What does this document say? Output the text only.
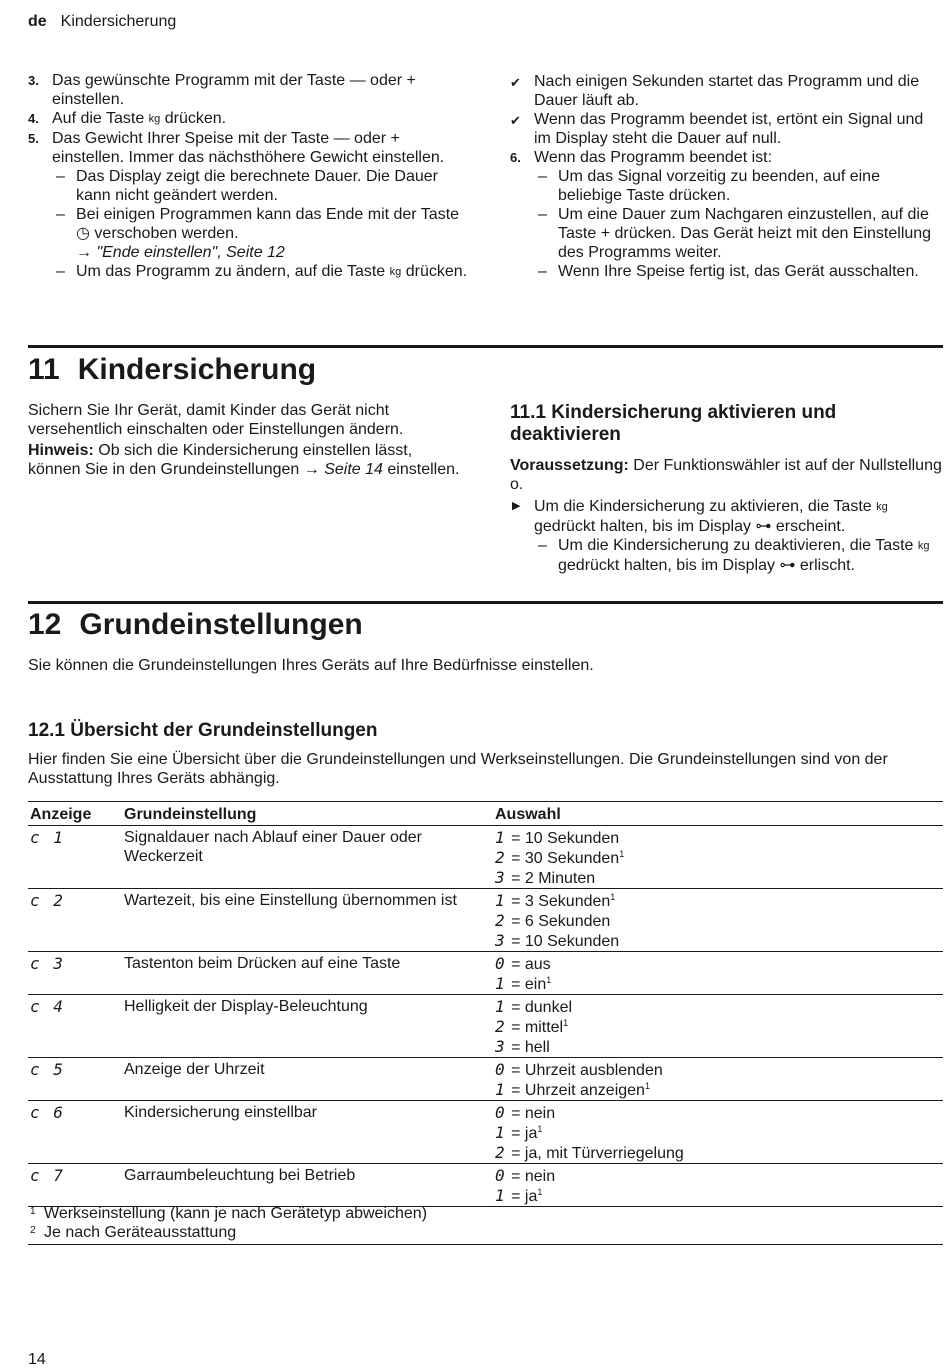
de Kindersicherung

3. Das gewünschte Programm mit der Taste — oder + einstellen.

4. Auf die Taste kg drücken.

5. Das Gewicht Ihrer Speise mit der Taste — oder + einstellen. Immer das nächsthöhere Gewicht einstellen.

– Das Display zeigt die berechnete Dauer. Die Dauer kann nicht geändert werden.

– Bei einigen Programmen kann das Ende mit der Taste ◷ verschoben werden.

→ "Ende einstellen", Seite 12

– Um das Programm zu ändern, auf die Taste kg drücken.

✔ Nach einigen Sekunden startet das Programm und die Dauer läuft ab.

✔ Wenn das Programm beendet ist, ertönt ein Signal und im Display steht die Dauer auf null.

6. Wenn das Programm beendet ist:

– Um das Signal vorzeitig zu beenden, auf eine beliebige Taste drücken.

– Um eine Dauer zum Nachgaren einzustellen, auf die Taste + drücken. Das Gerät heizt mit den Einstellung des Programms weiter.

– Wenn Ihre Speise fertig ist, das Gerät ausschalten.

11 Kindersicherung

Sichern Sie Ihr Gerät, damit Kinder das Gerät nicht versehentlich einschalten oder Einstellungen ändern.

Hinweis: Ob sich die Kindersicherung einstellen lässt, können Sie in den Grundeinstellungen → Seite 14 einstellen.

11.1 Kindersicherung aktivieren und deaktivieren

Voraussetzung: Der Funktionswähler ist auf der Nullstellung o.

▶ Um die Kindersicherung zu aktivieren, die Taste kg gedrückt halten, bis im Display ⊶ erscheint.

– Um die Kindersicherung zu deaktivieren, die Taste kg gedrückt halten, bis im Display ⊶ erlischt.

12 Grundeinstellungen
Sie können die Grundeinstellungen Ihres Geräts auf Ihre Bedürfnisse einstellen.
12.1 Übersicht der Grundeinstellungen
Hier finden Sie eine Übersicht über die Grundeinstellungen und Werkseinstellungen. Die Grundeinstellungen sind von der Ausstattung Ihres Geräts abhängig.
Anzeige	Grundeinstellung	Auswahl
c 1	Signaldauer nach Ablauf einer Dauer oder Weckerzeit	1 = 10 Sekunden
2 = 30 Sekunden$^1$
3 = 2 Minuten

c 2	Wartezeit, bis eine Einstellung übernommen ist	1 = 3 Sekunden$^1$
2 = 6 Sekunden
3 = 10 Sekunden

c 3	Tastenton beim Drücken auf eine Taste	0 = aus
1 = ein$^1$

c 4	Helligkeit der Display-Beleuchtung	1 = dunkel
2 = mittel$^1$
3 = hell

c 5	Anzeige der Uhrzeit	0 = Uhrzeit ausblenden
1 = Uhrzeit anzeigen$^1$

c 6	Kindersicherung einstellbar	0 = nein
$1 = ja^1$
2 = ja, mit Türverriegelung

c 7	Garraumbeleuchtung bei Betrieb	0 = nein
$1 = ja^1$
1 Werkseinstellung (kann je nach Gerätetyp abweichen)
2 Je nach Geräteausstattung
14
